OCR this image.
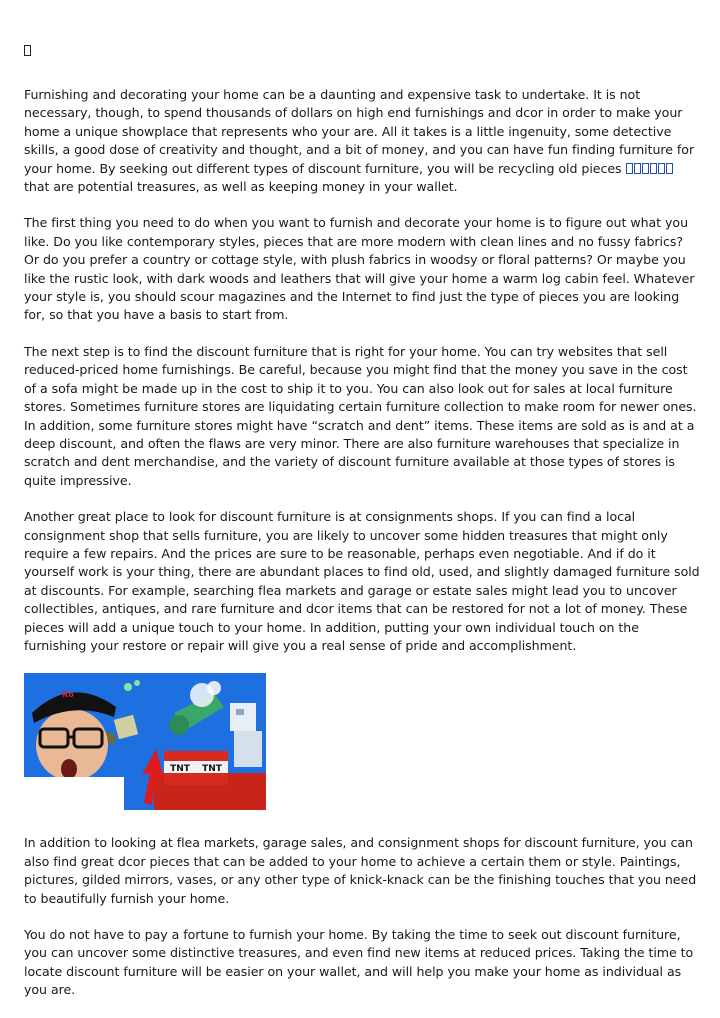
Furnishing and decorating your home can be a daunting and expensive task to undertake. It is not necessary, though, to spend thousands of dollars on high end furnishings and dcor in order to make your home a unique showplace that represents who your are. All it takes is a little ingenuity, some detective skills, a good dose of creativity and thought, and a bit of money, and you can have fun finding furniture for your home. By seeking out different types of discount furniture, you will be recycling old pieces  that are potential treasures, as well as keeping money in your wallet.

The first thing you need to do when you want to furnish and decorate your home is to figure out what you like. Do you like contemporary styles, pieces that are more modern with clean lines and no fussy fabrics? Or do you prefer a country or cottage style, with plush fabrics in woodsy or floral patterns? Or maybe you like the rustic look, with dark woods and leathers that will give your home a warm log cabin feel. Whatever your style is, you should scour magazines and the Internet to find just the type of pieces you are looking for, so that you have a basis to start from.

The next step is to find the discount furniture that is right for your home. You can try websites that sell reduced-priced home furnishings. Be careful, because you might find that the money you save in the cost of a sofa might be made up in the cost to ship it to you. You can also look out for sales at local furniture stores. Sometimes furniture stores are liquidating certain furniture collection to make room for newer ones. In addition, some furniture stores might have “scratch and dent” items. These items are sold as is and at a deep discount, and often the flaws are very minor. There are also furniture warehouses that specialize in scratch and dent merchandise, and the variety of discount furniture available at those types of stores is quite impressive.

Another great place to look for discount furniture is at consignments shops. If you can find a local consignment shop that sells furniture, you are likely to uncover some hidden treasures that might only require a few repairs. And the prices are sure to be reasonable, perhaps even negotiable. And if do it yourself work is your thing, there are abundant places to find old, used, and slightly damaged furniture sold at discounts. For example, searching flea markets and garage or estate sales might lead you to uncover collectibles, antiques, and rare furniture and dcor items that can be restored for not a lot of money. These pieces will add a unique touch to your home. In addition, putting your own individual touch on the furnishing your restore or repair will give you a real sense of pride and accomplishment.

TNT TNT
Ro

In addition to looking at flea markets, garage sales, and consignment shops for discount furniture, you can also find great dcor pieces that can be added to your home to achieve a certain them or style. Paintings, pictures, gilded mirrors, vases, or any other type of knick-knack can be the finishing touches that you need to beautifully furnish your home.

You do not have to pay a fortune to furnish your home. By taking the time to seek out discount furniture, you can uncover some distinctive treasures, and even find new items at reduced prices. Taking the time to locate discount furniture will be easier on your wallet, and will help you make your home as individual as you are.
